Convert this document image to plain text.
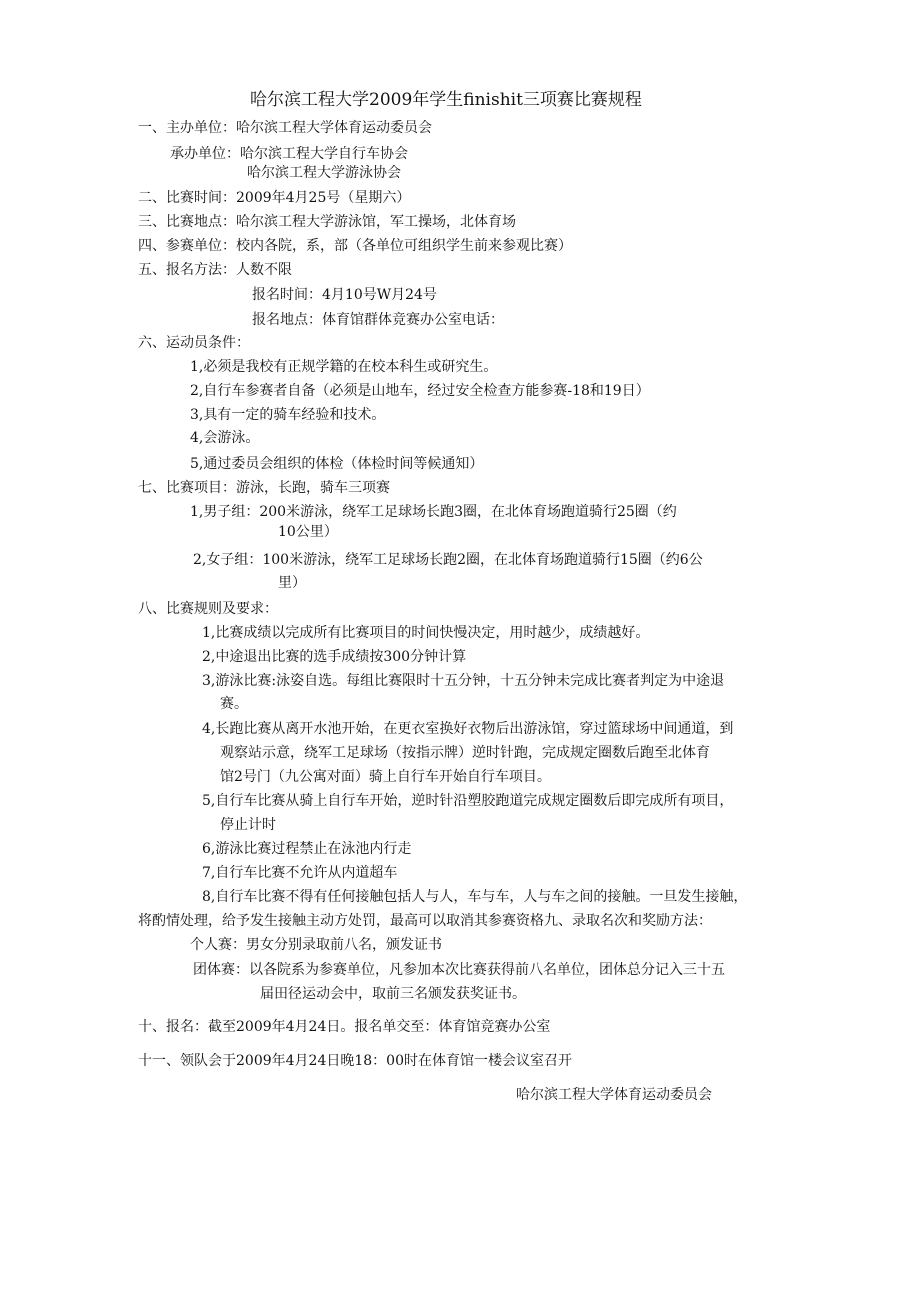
哈尔滨工程大学2009年学生finishit三项赛比赛规程
一、主办单位：哈尔滨工程大学体育运动委员会
承办单位：哈尔滨工程大学自行车协会
哈尔滨工程大学游泳协会
二、比赛时间：2009年4月25号（星期六）
三、比赛地点：哈尔滨工程大学游泳馆，军工操场，北体育场
四、参赛单位：校内各院，系，部（各单位可组织学生前来参观比赛）
五、报名方法：人数不限
报名时间：4月10号W月24号
报名地点：体育馆群体竞赛办公室电话：
六、运动员条件：
1,必须是我校有正规学籍的在校本科生或研究生。
2,自行车参赛者自备（必须是山地车，经过安全检查方能参赛-18和19日）
3,具有一定的骑车经验和技术。
4,会游泳。
5,通过委员会组织的体检（体检时间等候通知）
七、比赛项目：游泳，长跑，骑车三项赛
1,男子组：200米游泳，绕军工足球场长跑3圈，在北体育场跑道骑行25圈（约
10公里）
2,女子组：100米游泳，绕军工足球场长跑2圈，在北体育场跑道骑行15圈（约6公
里）
八、比赛规则及要求：
1,比赛成绩以完成所有比赛项目的时间快慢决定，用时越少，成绩越好。
2,中途退出比赛的选手成绩按300分钟计算
3,游泳比赛:泳姿自选。每组比赛限时十五分钟，十五分钟未完成比赛者判定为中途退
赛。
4,长跑比赛从离开水池开始，在更衣室换好衣物后出游泳馆，穿过篮球场中间通道，到
观察站示意，绕军工足球场（按指示牌）逆时针跑，完成规定圈数后跑至北体育
馆2号门（九公寓对面）骑上自行车开始自行车项目。
5,自行车比赛从骑上自行车开始，逆时针沿塑胶跑道完成规定圈数后即完成所有项目，
停止计时
6,游泳比赛过程禁止在泳池内行走
7,自行车比赛不允许从内道超车
8,自行车比赛不得有任何接触包括人与人，车与车，人与车之间的接触。一旦发生接触，
将酌情处理，给予发生接触主动方处罚，最高可以取消其参赛资格九、录取名次和奖励方法：
个人赛：男女分别录取前八名，颁发证书
团体赛：以各院系为参赛单位，凡参加本次比赛获得前八名单位，团体总分记入三十五
届田径运动会中，取前三名颁发获奖证书。
十、报名：截至2009年4月24日。报名单交至：体育馆竞赛办公室
十一、领队会于2009年4月24日晚18：00时在体育馆一楼会议室召开
哈尔滨工程大学体育运动委员会
